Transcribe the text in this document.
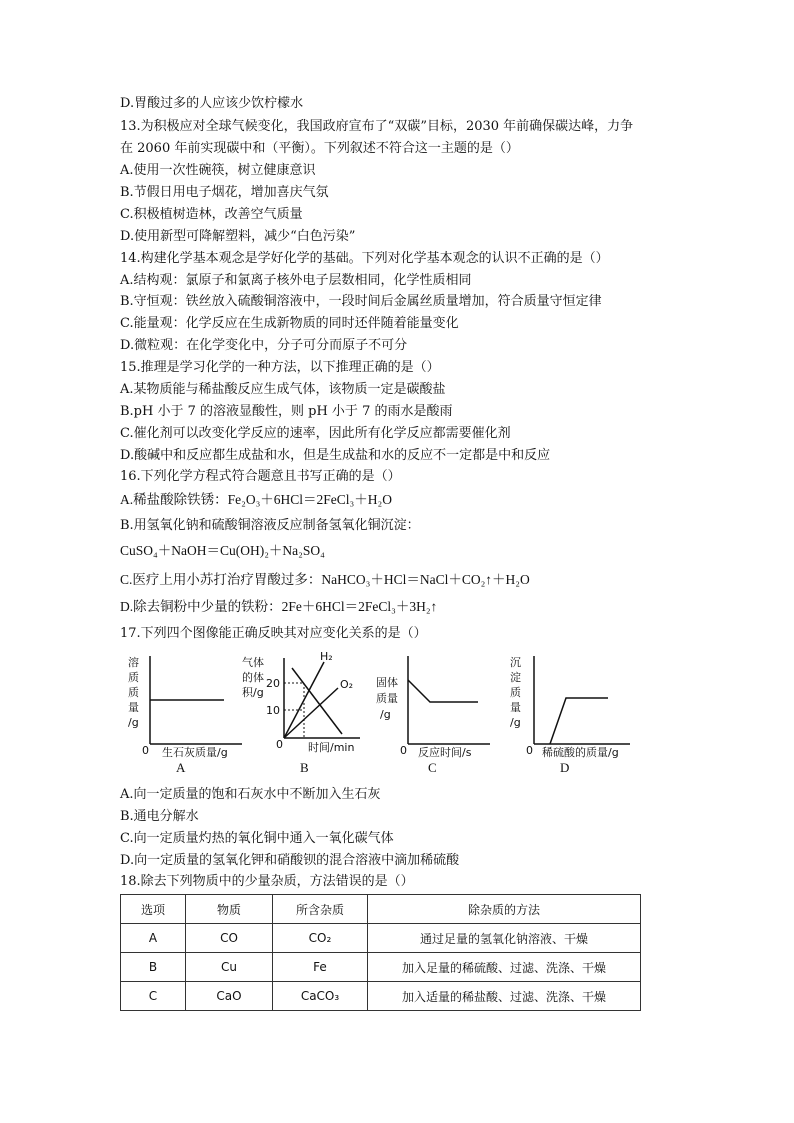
D.胃酸过多的人应该少饮柠檬水
13.为积极应对全球气候变化，我国政府宣布了“双碳”目标，2030 年前确保碳达峰，力争
在 2060 年前实现碳中和（平衡）。下列叙述不符合这一主题的是（）
A.使用一次性碗筷，树立健康意识
B.节假日用电子烟花，增加喜庆气氛
C.积极植树造林，改善空气质量
D.使用新型可降解塑料，减少“白色污染”
14.构建化学基本观念是学好化学的基础。下列对化学基本观念的认识不正确的是（）
A.结构观：氯原子和氯离子核外电子层数相同，化学性质相同
B.守恒观：铁丝放入硫酸铜溶液中，一段时间后金属丝质量增加，符合质量守恒定律
C.能量观：化学反应在生成新物质的同时还伴随着能量变化
D.微粒观：在化学变化中，分子可分而原子不可分
15.推理是学习化学的一种方法，以下推理正确的是（）
A.某物质能与稀盐酸反应生成气体，该物质一定是碳酸盐
B.pH 小于 7 的溶液显酸性，则 pH 小于 7 的雨水是酸雨
C.催化剂可以改变化学反应的速率，因此所有化学反应都需要催化剂
D.酸碱中和反应都生成盐和水，但是生成盐和水的反应不一定都是中和反应
16.下列化学方程式符合题意且书写正确的是（）
A.稀盐酸除铁锈：Fe₂O₃＋6HCl＝2FeCl₃＋H₂O
B.用氢氧化钠和硫酸铜溶液反应制备氢氧化铜沉淀：
CuSO₄＋NaOH＝Cu(OH)₂＋Na₂SO₄
C.医疗上用小苏打治疗胃酸过多：NaHCO₃＋HCl＝NaCl＋CO₂↑＋H₂O
D.除去铜粉中少量的铁粉：2Fe＋6HCl＝2FeCl₃＋3H₂↑
17.下列四个图像能正确反映其对应变化关系的是（）
溶
质
质
量
/g
0 生石灰质量/g
A
气体
的体
积/g
20
10
H₂
O₂
0 时间/min
B
固体
质量
/g
0 反应时间/s
C
沉
淀
质
量
/g
0 稀硫酸的质量/g
D
A.向一定质量的饱和石灰水中不断加入生石灰
B.通电分解水
C.向一定质量灼热的氧化铜中通入一氧化碳气体
D.向一定质量的氢氧化钾和硝酸钡的混合溶液中滴加稀硫酸
18.除去下列物质中的少量杂质，方法错误的是（）
选项	物质	所含杂质	除杂质的方法
A	CO	CO₂	通过足量的氢氧化钠溶液、干燥
B	Cu	Fe	加入足量的稀硫酸、过滤、洗涤、干燥
C	CaO	CaCO₃	加入适量的稀盐酸、过滤、洗涤、干燥
